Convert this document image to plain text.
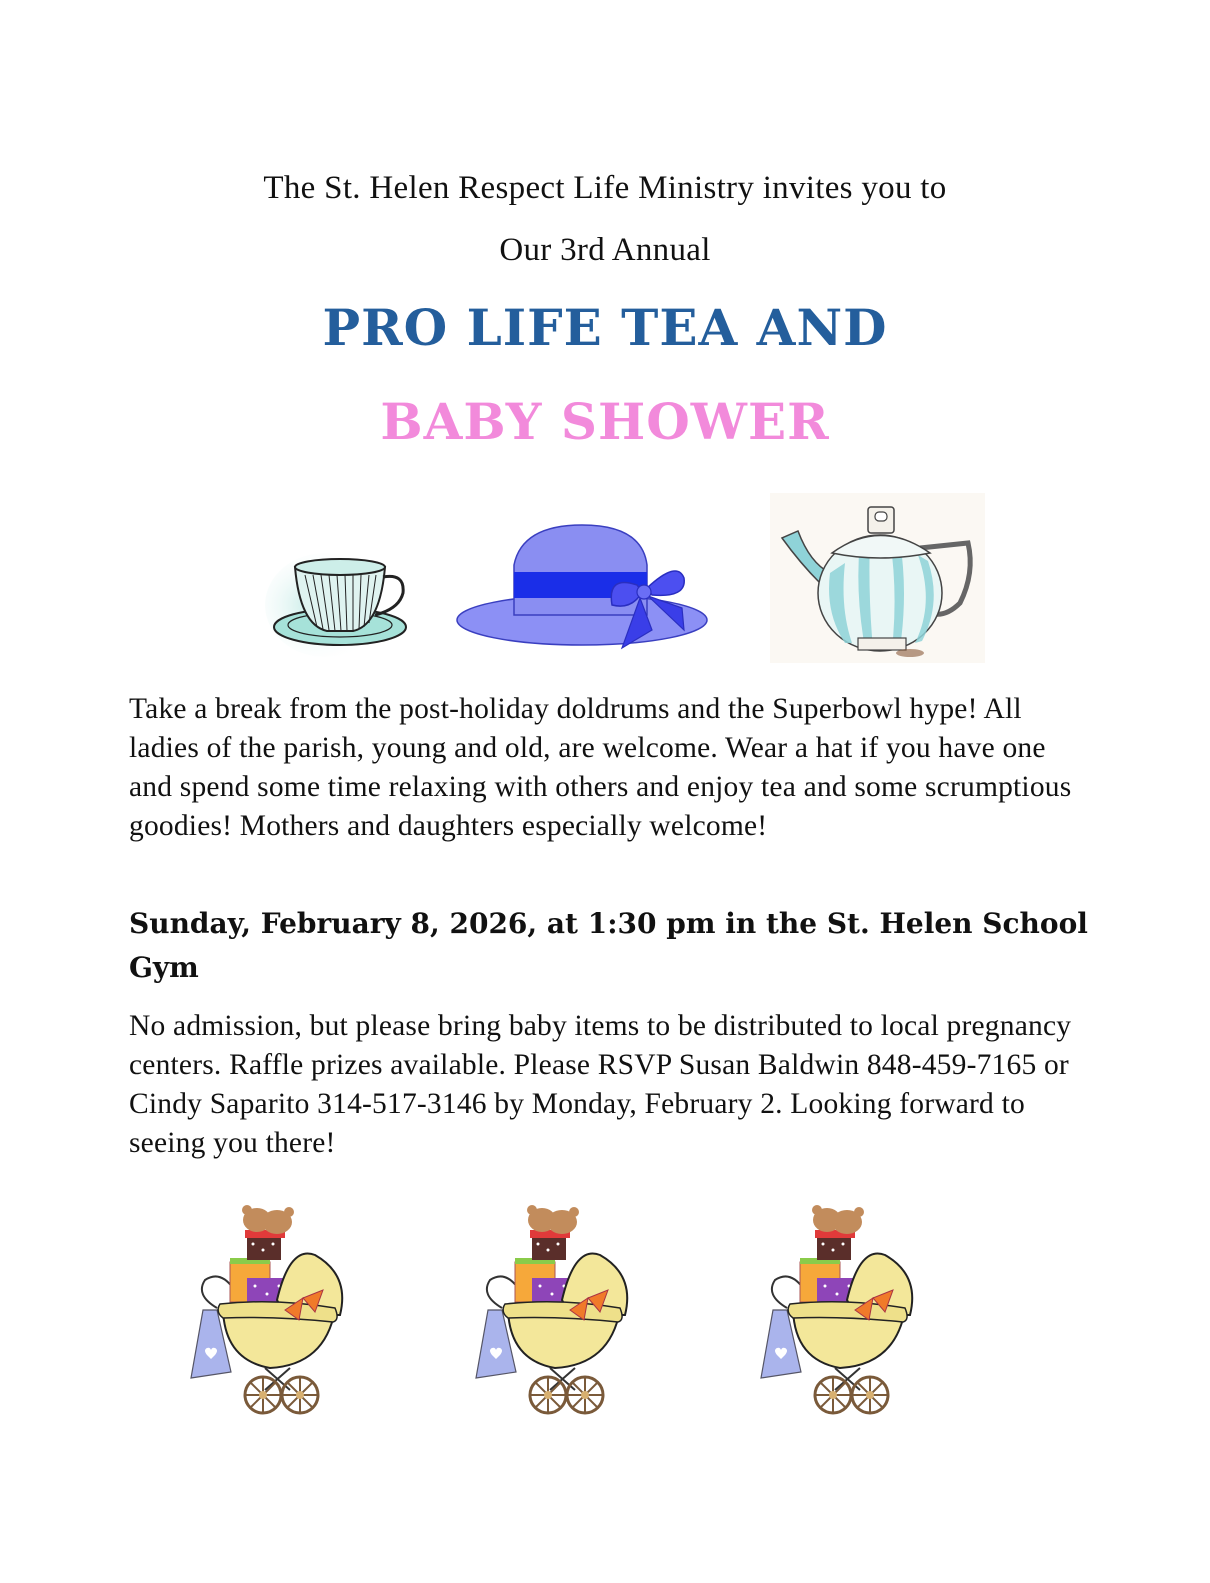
The St. Helen Respect Life Ministry invites you to
Our 3rd Annual
PRO LIFE TEA AND
BABY SHOWER
Take a break from the post-holiday doldrums and the Superbowl hype! All ladies of the parish, young and old, are welcome. Wear a hat if you have one and spend some time relaxing with others and enjoy tea and some scrumptious goodies! Mothers and daughters especially welcome!
Sunday, February 8, 2026, at 1:30 pm in the St. Helen School Gym
No admission, but please bring baby items to be distributed to local pregnancy centers. Raffle prizes available. Please RSVP Susan Baldwin 848-459-7165 or Cindy Saparito 314-517-3146 by Monday, February 2. Looking forward to seeing you there!
